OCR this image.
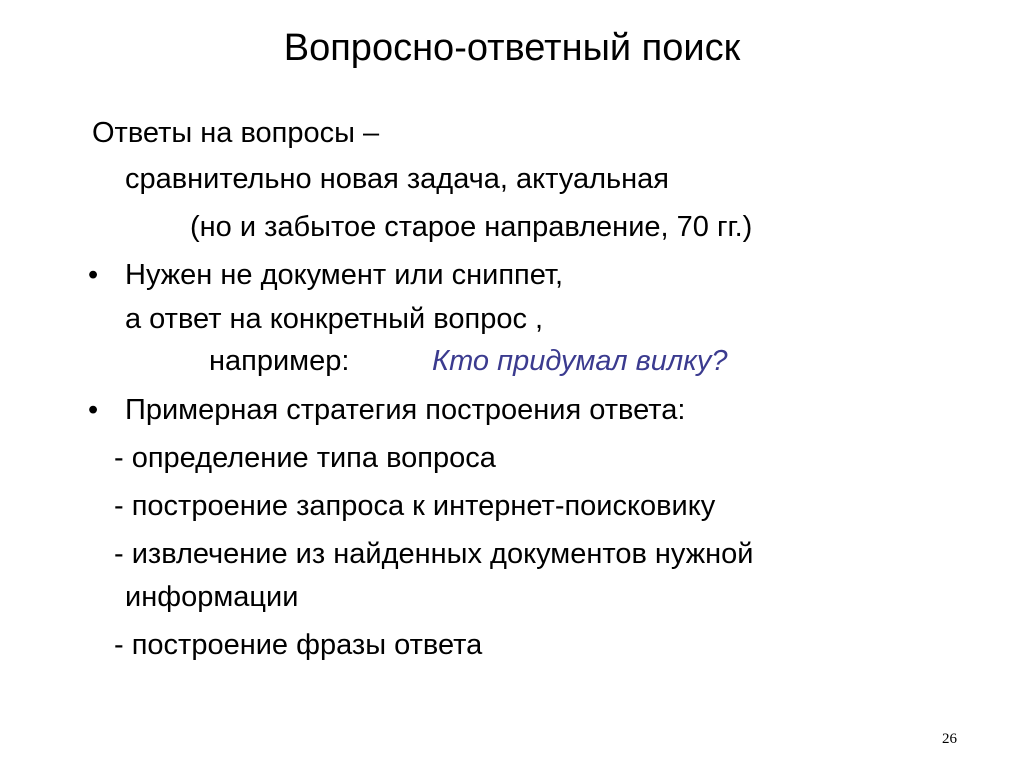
Вопросно-ответный поиск
Ответы на вопросы –
сравнительно новая задача, актуальная
(но и забытое старое направление, 70 гг.)
• Нужен не документ или сниппет,
а ответ на конкретный вопрос ,
например:	Кто придумал вилку?
• Примерная стратегия построения ответа:
- определение типа вопроса
- построение запроса к интернет-поисковику
- извлечение из найденных документов нужной
информации
- построение фразы ответа
26
